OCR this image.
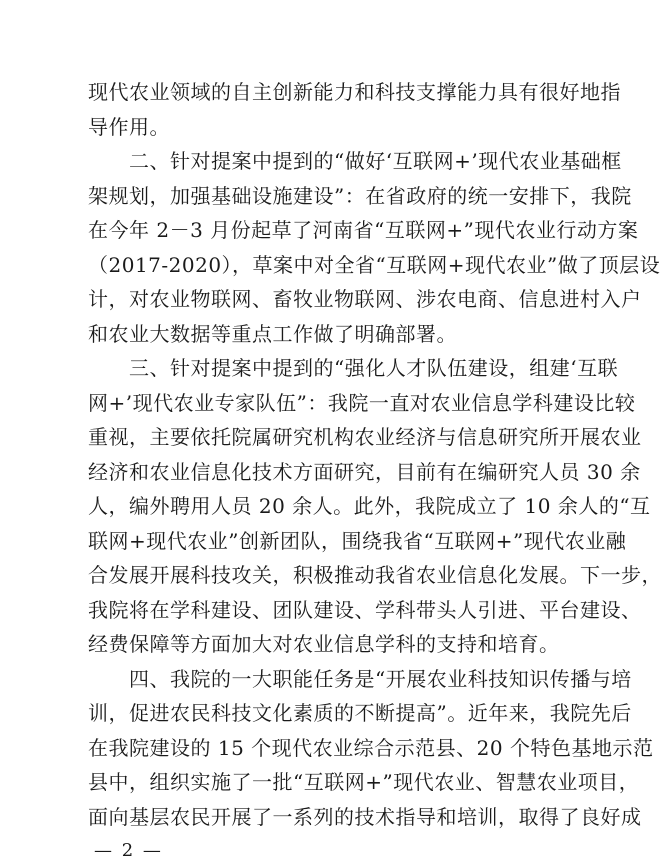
现代农业领域的自主创新能力和科技支撑能力具有很好地指
导作用。
　　二、针对提案中提到的“做好‘互联网+’现代农业基础框
架规划，加强基础设施建设”：在省政府的统一安排下，我院
在今年 2－3 月份起草了河南省“互联网+”现代农业行动方案
（2017-2020），草案中对全省“互联网+现代农业”做了顶层设
计，对农业物联网、畜牧业物联网、涉农电商、信息进村入户
和农业大数据等重点工作做了明确部署。
　　三、针对提案中提到的“强化人才队伍建设，组建‘互联
网+’现代农业专家队伍”：我院一直对农业信息学科建设比较
重视，主要依托院属研究机构农业经济与信息研究所开展农业
经济和农业信息化技术方面研究，目前有在编研究人员 30 余
人，编外聘用人员 20 余人。此外，我院成立了 10 余人的“互
联网+现代农业”创新团队，围绕我省“互联网+”现代农业融
合发展开展科技攻关，积极推动我省农业信息化发展。下一步，
我院将在学科建设、团队建设、学科带头人引进、平台建设、
经费保障等方面加大对农业信息学科的支持和培育。
　　四、我院的一大职能任务是“开展农业科技知识传播与培
训，促进农民科技文化素质的不断提高”。近年来，我院先后
在我院建设的 15 个现代农业综合示范县、20 个特色基地示范
县中，组织实施了一批“互联网+”现代农业、智慧农业项目，
面向基层农民开展了一系列的技术指导和培训，取得了良好成
— 2 —
